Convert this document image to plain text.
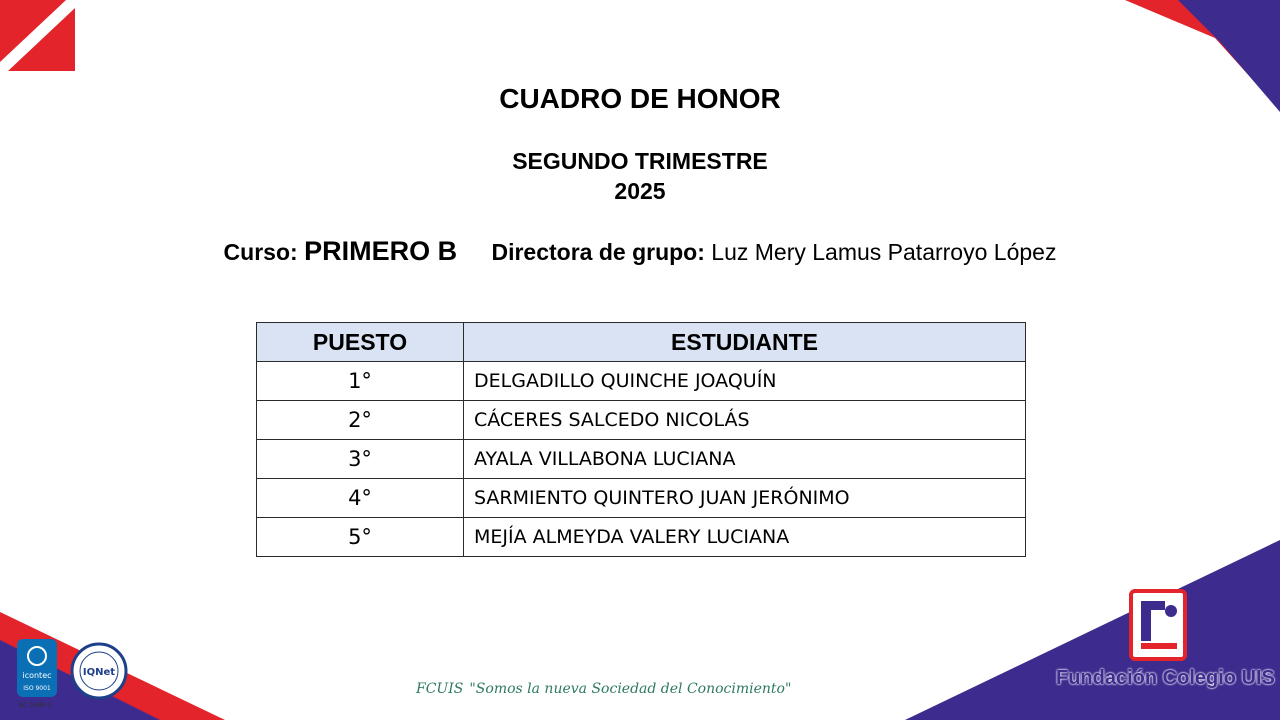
CUADRO DE HONOR
SEGUNDO TRIMESTRE
2025
Curso: PRIMERO B Directora de grupo: Luz Mery Lamus Patarroyo López
PUESTO	ESTUDIANTE
1°	DELGADILLO QUINCHE JOAQUÍN
2°	CÁCERES SALCEDO NICOLÁS
3°	AYALA VILLABONA LUCIANA
4°	SARMIENTO QUINTERO JUAN JERÓNIMO
5°	MEJÍA ALMEYDA VALERY LUCIANA
FCUIS "Somos la nueva Sociedad del Conocimiento"	Fundación Colegio UIS
icontec
ISO 9001
IQNet
SC 5388-1
